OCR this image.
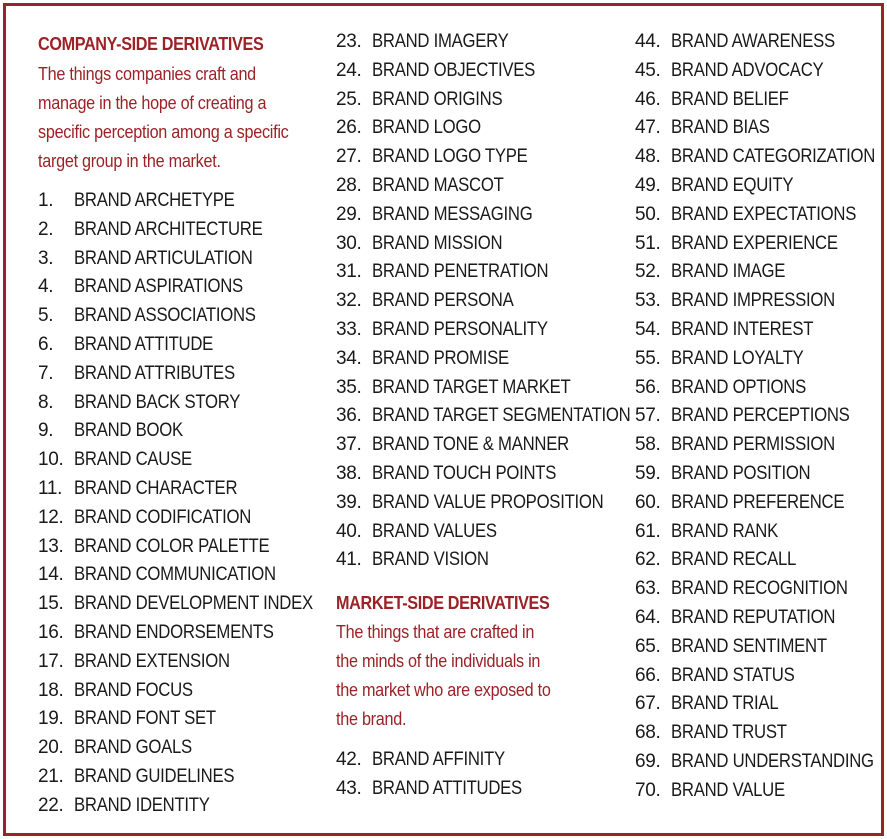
COMPANY-SIDE DERIVATIVES
The things companies craft and manage in the hope of creating a specific perception among a specific target group in the market.
1. BRAND ARCHETYPE
2. BRAND ARCHITECTURE
3. BRAND ARTICULATION
4. BRAND ASPIRATIONS
5. BRAND ASSOCIATIONS
6. BRAND ATTITUDE
7. BRAND ATTRIBUTES
8. BRAND BACK STORY
9. BRAND BOOK
10. BRAND CAUSE
11. BRAND CHARACTER
12. BRAND CODIFICATION
13. BRAND COLOR PALETTE
14. BRAND COMMUNICATION
15. BRAND DEVELOPMENT INDEX
16. BRAND ENDORSEMENTS
17. BRAND EXTENSION
18. BRAND FOCUS
19. BRAND FONT SET
20. BRAND GOALS
21. BRAND GUIDELINES
22. BRAND IDENTITY
23. BRAND IMAGERY
24. BRAND OBJECTIVES
25. BRAND ORIGINS
26. BRAND LOGO
27. BRAND LOGO TYPE
28. BRAND MASCOT
29. BRAND MESSAGING
30. BRAND MISSION
31. BRAND PENETRATION
32. BRAND PERSONA
33. BRAND PERSONALITY
34. BRAND PROMISE
35. BRAND TARGET MARKET
36. BRAND TARGET SEGMENTATION
37. BRAND TONE & MANNER
38. BRAND TOUCH POINTS
39. BRAND VALUE PROPOSITION
40. BRAND VALUES
41. BRAND VISION
MARKET-SIDE DERIVATIVES
The things that are crafted in the minds of the individuals in the market who are exposed to the brand.
42. BRAND AFFINITY
43. BRAND ATTITUDES
44. BRAND AWARENESS
45. BRAND ADVOCACY
46. BRAND BELIEF
47. BRAND BIAS
48. BRAND CATEGORIZATION
49. BRAND EQUITY
50. BRAND EXPECTATIONS
51. BRAND EXPERIENCE
52. BRAND IMAGE
53. BRAND IMPRESSION
54. BRAND INTEREST
55. BRAND LOYALTY
56. BRAND OPTIONS
57. BRAND PERCEPTIONS
58. BRAND PERMISSION
59. BRAND POSITION
60. BRAND PREFERENCE
61. BRAND RANK
62. BRAND RECALL
63. BRAND RECOGNITION
64. BRAND REPUTATION
65. BRAND SENTIMENT
66. BRAND STATUS
67. BRAND TRIAL
68. BRAND TRUST
69. BRAND UNDERSTANDING
70. BRAND VALUE
